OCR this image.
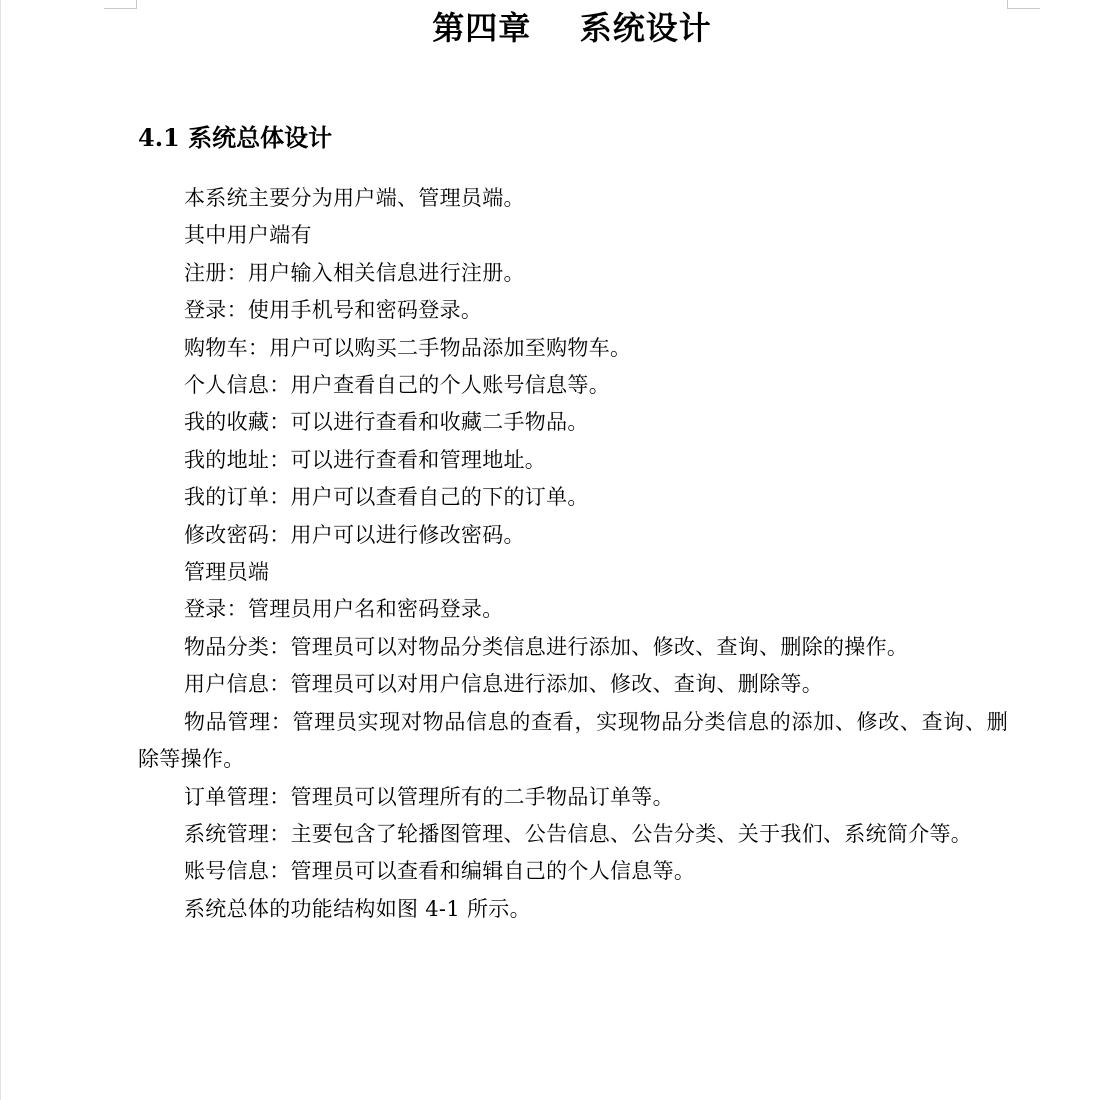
第四章    系统设计
4.1 系统总体设计

本系统主要分为用户端、管理员端。

其中用户端有

注册：用户输入相关信息进行注册。

登录：使用手机号和密码登录。

购物车：用户可以购买二手物品添加至购物车。

个人信息：用户查看自己的个人账号信息等。

我的收藏：可以进行查看和收藏二手物品。

我的地址：可以进行查看和管理地址。

我的订单：用户可以查看自己的下的订单。

修改密码：用户可以进行修改密码。

管理员端

登录：管理员用户名和密码登录。

物品分类：管理员可以对物品分类信息进行添加、修改、查询、删除的操作。

用户信息：管理员可以对用户信息进行添加、修改、查询、删除等。

物品管理：管理员实现对物品信息的查看，实现物品分类信息的添加、修改、查询、删除等操作。

订单管理：管理员可以管理所有的二手物品订单等。

系统管理：主要包含了轮播图管理、公告信息、公告分类、关于我们、系统简介等。

账号信息：管理员可以查看和编辑自己的个人信息等。

系统总体的功能结构如图 4-1 所示。
